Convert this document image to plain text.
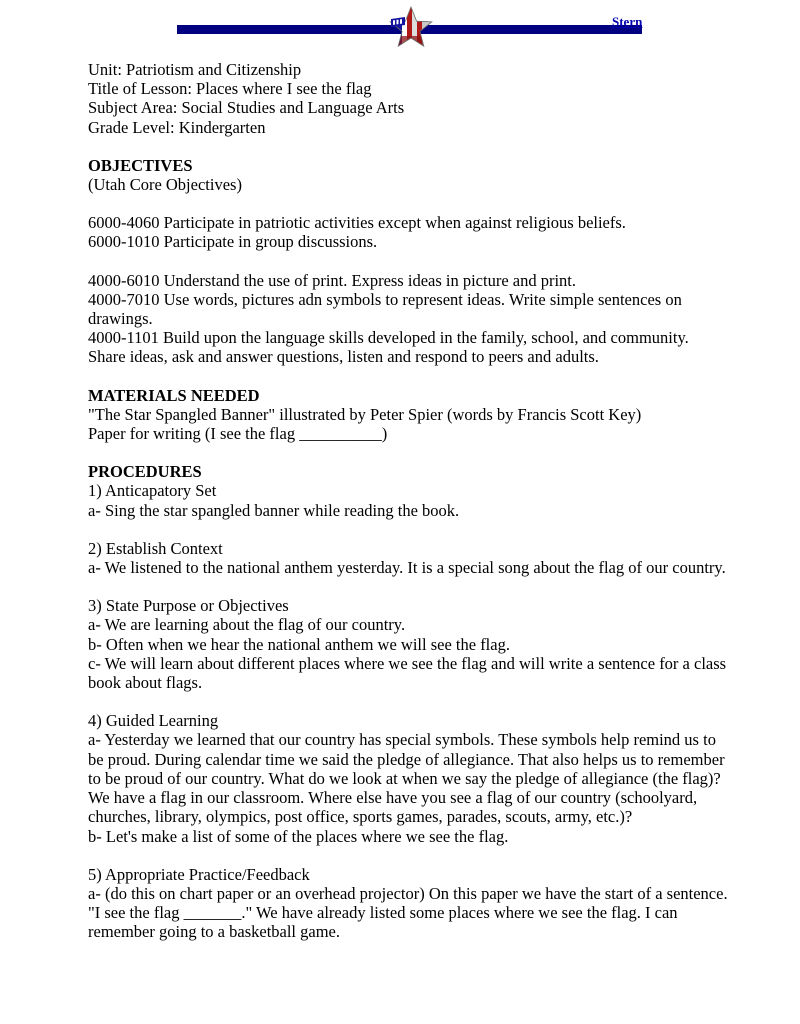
Stern
Unit: Patriotism and Citizenship
Title of Lesson: Places where I see the flag
Subject Area: Social Studies and Language Arts
Grade Level: Kindergarten
OBJECTIVES
(Utah Core Objectives)
6000-4060 Participate in patriotic activities except when against religious beliefs.
6000-1010 Participate in group discussions.
4000-6010 Understand the use of print. Express ideas in picture and print.
4000-7010 Use words, pictures adn symbols to represent ideas. Write simple sentences on drawings.
4000-1101 Build upon the language skills developed in the family, school, and community. Share ideas, ask and answer questions, listen and respond to peers and adults.
MATERIALS NEEDED
"The Star Spangled Banner" illustrated by Peter Spier (words by Francis Scott Key)
Paper for writing (I see the flag _____	)
PROCEDURES
1) Anticapatory Set
a- Sing the star spangled banner while reading the book.
2) Establish Context
a- We listened to the national anthem yesterday. It is a special song about the flag of our country.
3) State Purpose or Objectives
a- We are learning about the flag of our country.
b- Often when we hear the national anthem we will see the flag.
c- We will learn about different places where we see the flag and will write a sentence for a class book about flags.
4) Guided Learning
a- Yesterday we learned that our country has special symbols. These symbols help remind us to be proud. During calendar time we said the pledge of allegiance. That also helps us to remember to be proud of our country. What do we look at when we say the pledge of allegiance (the flag)? We have a flag in our classroom. Where else have you see a flag of our country (schoolyard, churches, library, olympics, post office, sports games, parades, scouts, army, etc.)?
b- Let's make a list of some of the places where we see the flag.
5) Appropriate Practice/Feedback
a- (do this on chart paper or an overhead projector) On this paper we have the start of a sentence. "I see the flag _______	." We have already listed some places where we see the flag. I can remember going to a basketball game.
